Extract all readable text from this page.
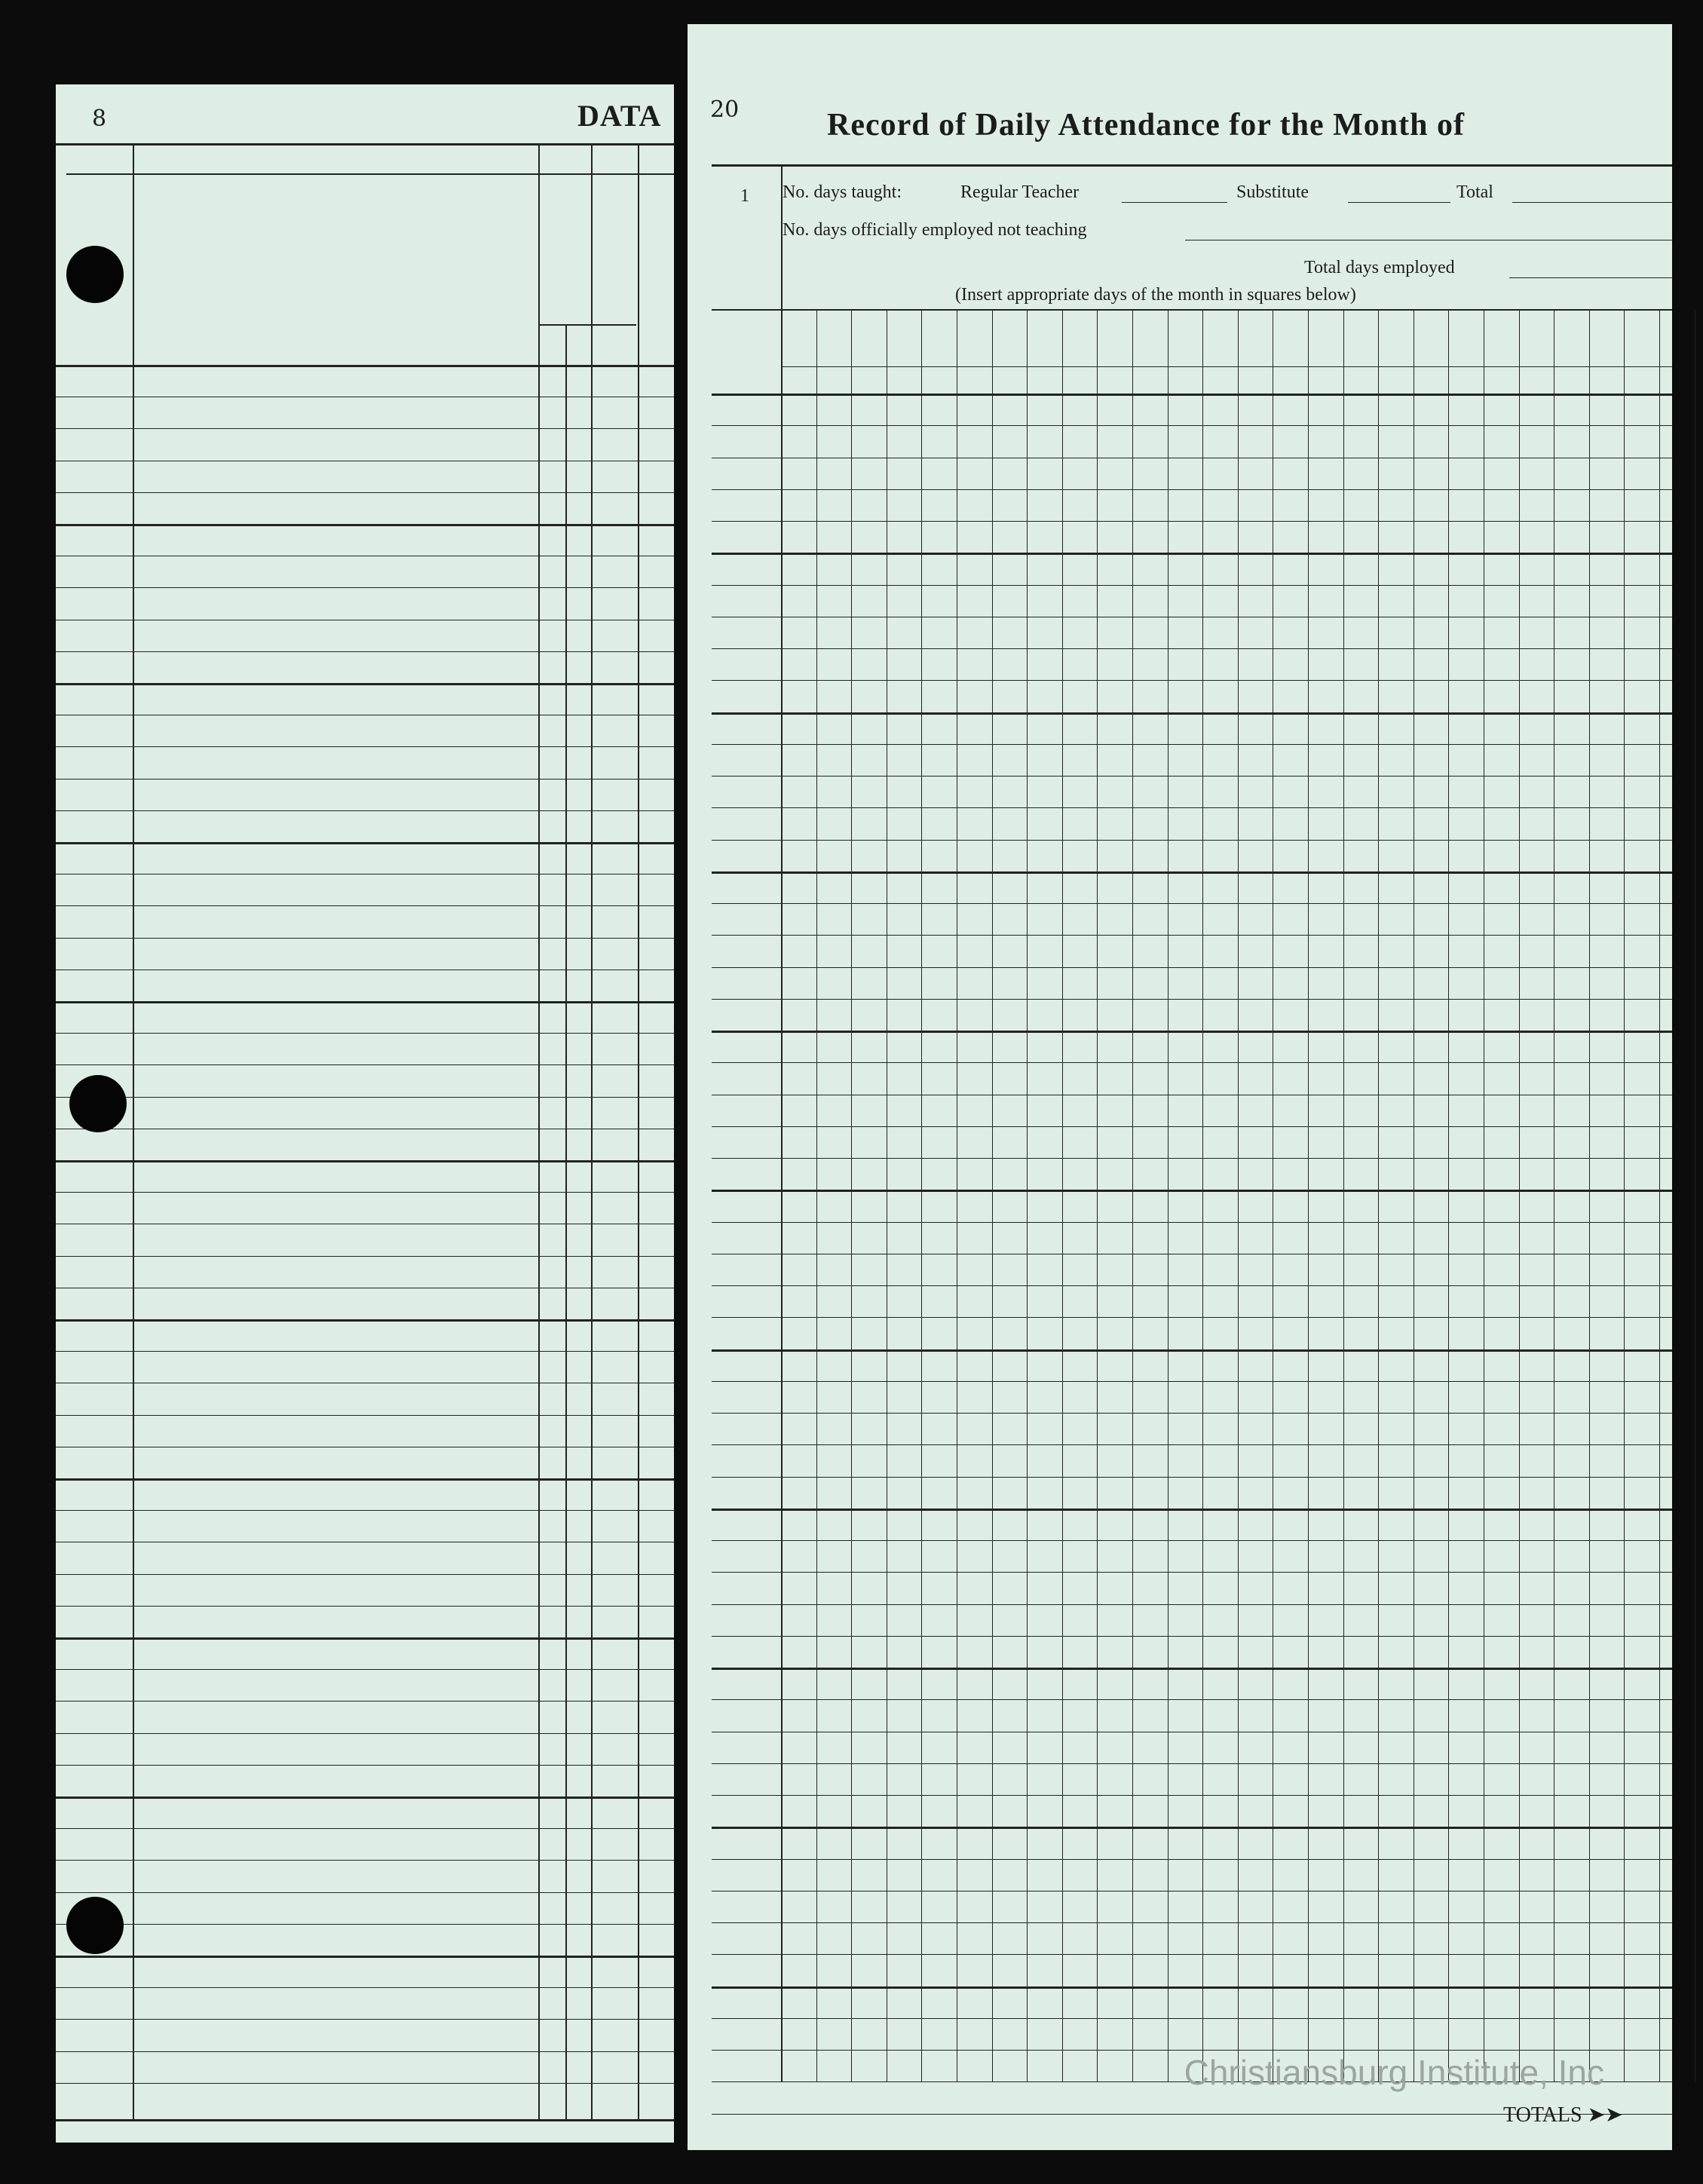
8	DATA 20	Record of Daily Attendance for the Month of
1 No. days taught:	Regular Teacher	Substitute	Total
No. days officially employed not teaching
Total days employed
(Insert appropriate days of the month in squares below)
Christiansburg Institute, Inc
TOTALS ➤➤
